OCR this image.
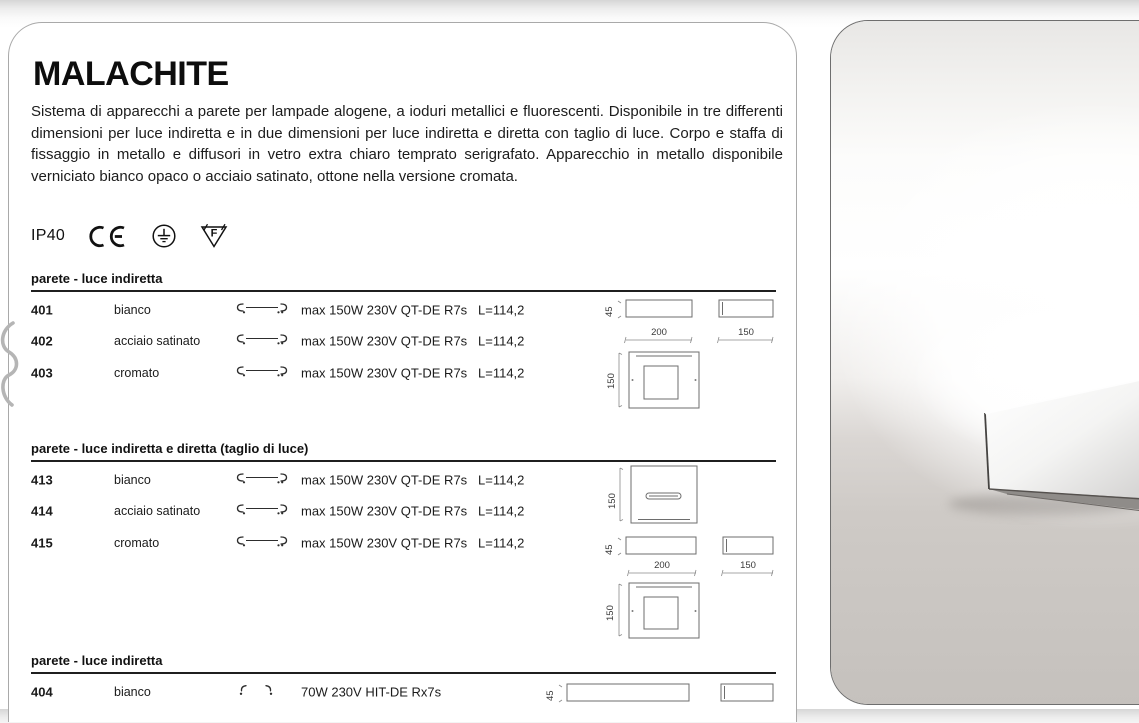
MALACHITE
Sistema di apparecchi a parete per lampade alogene, a ioduri metallici e fluorescenti. Disponibile in tre differenti dimensioni per luce indiretta e in due dimensioni per luce indiretta e diretta con taglio di luce. Corpo e staffa di fissaggio in metallo e diffusori in vetro extra chiaro temprato serigrafato. Apparecchio in metallo disponibile verniciato bianco opaco o acciaio satinato, ottone nella versione cromata.
IP40	F
parete - luce indiretta
401	bianco	max 150W 230V QT-DE R7s L=114,2
402	acciaio satinato	max 150W 230V QT-DE R7s L=114,2
403	cromato	max 150W 230V QT-DE R7s L=114,2
parete - luce indiretta e diretta (taglio di luce)
413	bianco	max 150W 230V QT-DE R7s L=114,2
414	acciaio satinato	max 150W 230V QT-DE R7s L=114,2
415	cromato	max 150W 230V QT-DE R7s L=114,2
parete - luce indiretta
404	bianco	70W 230V HIT-DE Rx7s
45
200	150
150
150
45
200	150
150
45
